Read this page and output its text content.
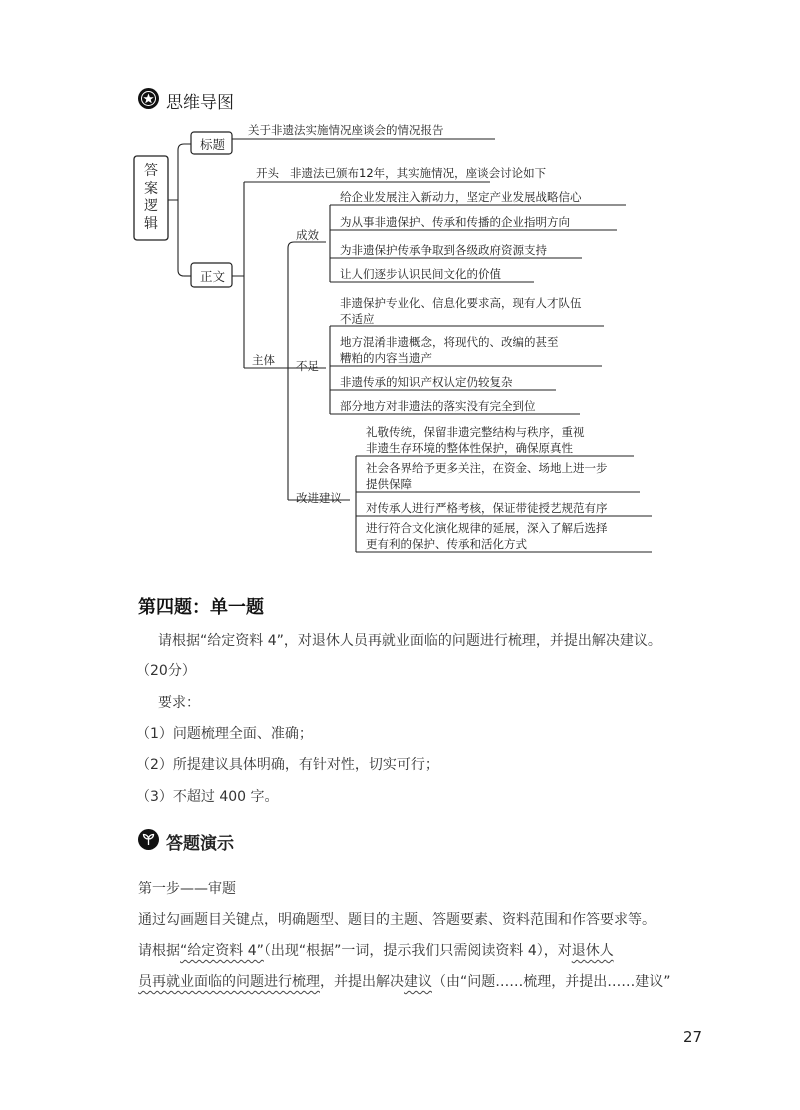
思维导图
答案逻辑
标题
关于非遗法实施情况座谈会的情况报告
正文
开头 非遗法已颁布12年，其实施情况，座谈会讨论如下
主体
成效
给企业发展注入新动力，坚定产业发展战略信心
为从事非遗保护、传承和传播的企业指明方向
为非遗保护传承争取到各级政府资源支持
让人们逐步认识民间文化的价值
不足
非遗保护专业化、信息化要求高，现有人才队伍
不适应
地方混淆非遗概念，将现代的、改编的甚至
糟粕的内容当遗产
非遗传承的知识产权认定仍较复杂
部分地方对非遗法的落实没有完全到位
改进建议
礼敬传统，保留非遗完整结构与秩序，重视
非遗生存环境的整体性保护，确保原真性
社会各界给予更多关注，在资金、场地上进一步
提供保障
对传承人进行严格考核，保证带徒授艺规范有序
进行符合文化演化规律的延展，深入了解后选择
更有利的保护、传承和活化方式
第四题：单一题
请根据“给定资料 4”，对退休人员再就业面临的问题进行梳理，并提出解决建议。
（20分）
要求：
（1）问题梳理全面、准确；
（2）所提建议具体明确，有针对性，切实可行；
（3）不超过 400 字。
答题演示
第一步——审题
通过勾画题目关键点，明确题型、题目的主题、答题要素、资料范围和作答要求等。
请根据“给定资料 4”（出现“根据”一词，提示我们只需阅读资料 4），对退休人
员再就业面临的问题进行梳理，并提出解决建议（由“问题……梳理，并提出……建议”
27
